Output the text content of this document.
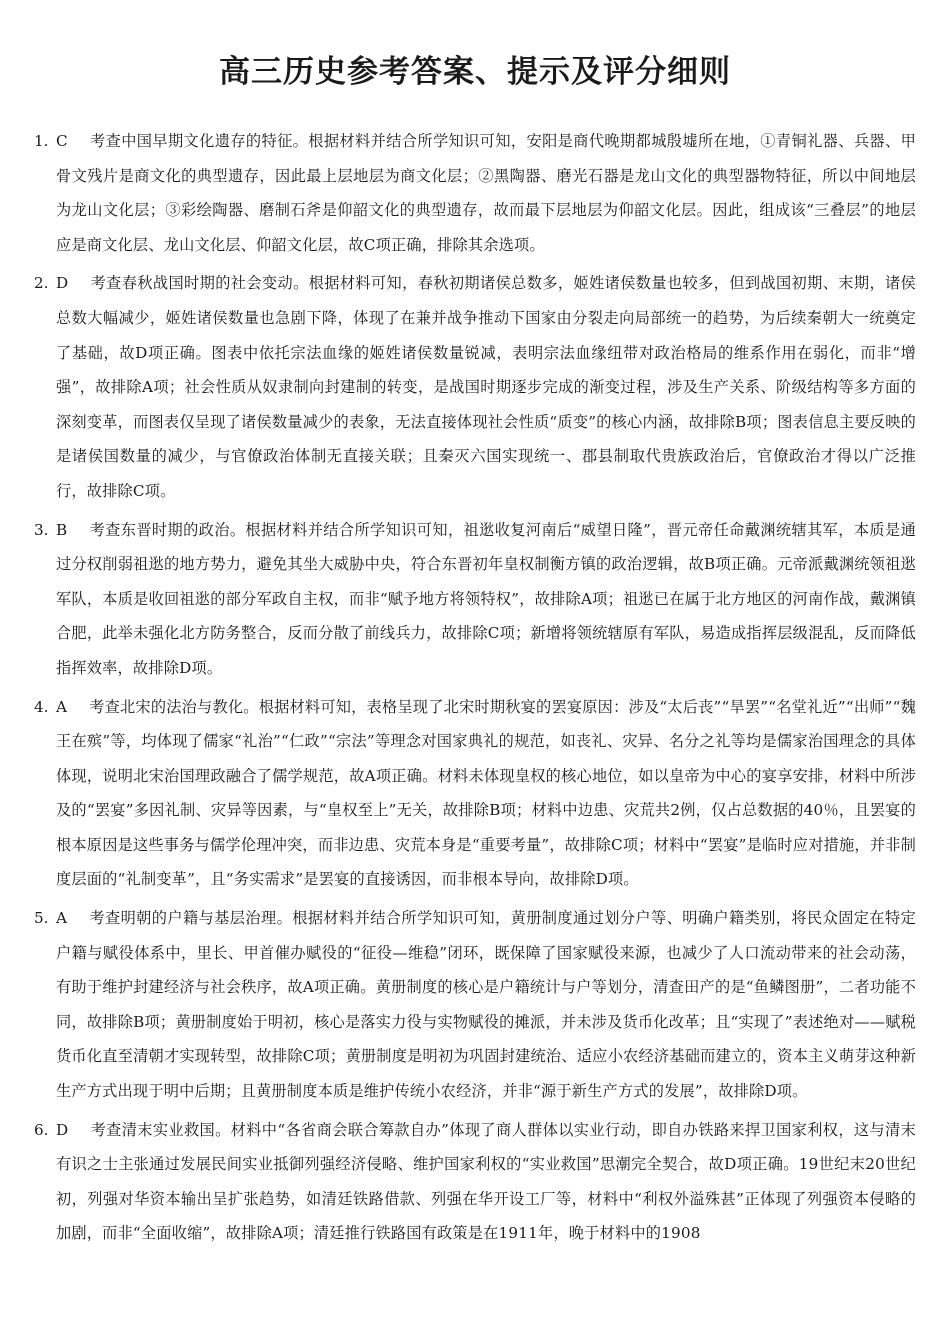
高三历史参考答案、提示及评分细则
1. C 考查中国早期文化遗存的特征。根据材料并结合所学知识可知，安阳是商代晚期都城殷墟所在地，①青铜礼器、兵器、甲骨文残片是商文化的典型遗存，因此最上层地层为商文化层；②黑陶器、磨光石器是龙山文化的典型器物特征，所以中间地层为龙山文化层；③彩绘陶器、磨制石斧是仰韶文化的典型遗存，故而最下层地层为仰韶文化层。因此，组成该“三叠层”的地层应是商文化层、龙山文化层、仰韶文化层，故C项正确，排除其余选项。
2. D 考查春秋战国时期的社会变动。根据材料可知，春秋初期诸侯总数多，姬姓诸侯数量也较多，但到战国初期、末期，诸侯总数大幅减少，姬姓诸侯数量也急剧下降，体现了在兼并战争推动下国家由分裂走向局部统一的趋势，为后续秦朝大一统奠定了基础，故D项正确。图表中依托宗法血缘的姬姓诸侯数量锐减，表明宗法血缘纽带对政治格局的维系作用在弱化，而非“增强”，故排除A项；社会性质从奴隶制向封建制的转变，是战国时期逐步完成的渐变过程，涉及生产关系、阶级结构等多方面的深刻变革，而图表仅呈现了诸侯数量减少的表象，无法直接体现社会性质“质变”的核心内涵，故排除B项；图表信息主要反映的是诸侯国数量的减少，与官僚政治体制无直接关联；且秦灭六国实现统一、郡县制取代贵族政治后，官僚政治才得以广泛推行，故排除C项。
3. B 考查东晋时期的政治。根据材料并结合所学知识可知，祖逖收复河南后“威望日隆”，晋元帝任命戴渊统辖其军，本质是通过分权削弱祖逖的地方势力，避免其坐大威胁中央，符合东晋初年皇权制衡方镇的政治逻辑，故B项正确。元帝派戴渊统领祖逖军队，本质是收回祖逖的部分军政自主权，而非“赋予地方将领特权”，故排除A项；祖逖已在属于北方地区的河南作战，戴渊镇合肥，此举未强化北方防务整合，反而分散了前线兵力，故排除C项；新增将领统辖原有军队，易造成指挥层级混乱，反而降低指挥效率，故排除D项。
4. A 考查北宋的法治与教化。根据材料可知，表格呈现了北宋时期秋宴的罢宴原因：涉及“太后丧”“旱罢”“名堂礼近”“出师”“魏王在殡”等，均体现了儒家“礼治”“仁政”“宗法”等理念对国家典礼的规范，如丧礼、灾异、名分之礼等均是儒家治国理念的具体体现，说明北宋治国理政融合了儒学规范，故A项正确。材料未体现皇权的核心地位，如以皇帝为中心的宴享安排，材料中所涉及的“罢宴”多因礼制、灾异等因素，与“皇权至上”无关，故排除B项；材料中边患、灾荒共2例，仅占总数据的40％，且罢宴的根本原因是这些事务与儒学伦理冲突，而非边患、灾荒本身是“重要考量”，故排除C项；材料中“罢宴”是临时应对措施，并非制度层面的“礼制变革”，且“务实需求”是罢宴的直接诱因，而非根本导向，故排除D项。
5. A 考查明朝的户籍与基层治理。根据材料并结合所学知识可知，黄册制度通过划分户等、明确户籍类别，将民众固定在特定户籍与赋役体系中，里长、甲首催办赋役的“征役—维稳”闭环，既保障了国家赋役来源，也减少了人口流动带来的社会动荡，有助于维护封建经济与社会秩序，故A项正确。黄册制度的核心是户籍统计与户等划分，清查田产的是“鱼鳞图册”，二者功能不同，故排除B项；黄册制度始于明初，核心是落实力役与实物赋役的摊派，并未涉及货币化改革；且“实现了”表述绝对——赋税货币化直至清朝才实现转型，故排除C项；黄册制度是明初为巩固封建统治、适应小农经济基础而建立的，资本主义萌芽这种新生产方式出现于明中后期；且黄册制度本质是维护传统小农经济，并非“源于新生产方式的发展”，故排除D项。
6. D 考查清末实业救国。材料中“各省商会联合筹款自办”体现了商人群体以实业行动，即自办铁路来捍卫国家利权，这与清末有识之士主张通过发展民间实业抵御列强经济侵略、维护国家利权的“实业救国”思潮完全契合，故D项正确。19世纪末20世纪初，列强对华资本输出呈扩张趋势，如清廷铁路借款、列强在华开设工厂等，材料中“利权外溢殊甚”正体现了列强资本侵略的加剧，而非“全面收缩”，故排除A项；清廷推行铁路国有政策是在1911年，晚于材料中的1908
